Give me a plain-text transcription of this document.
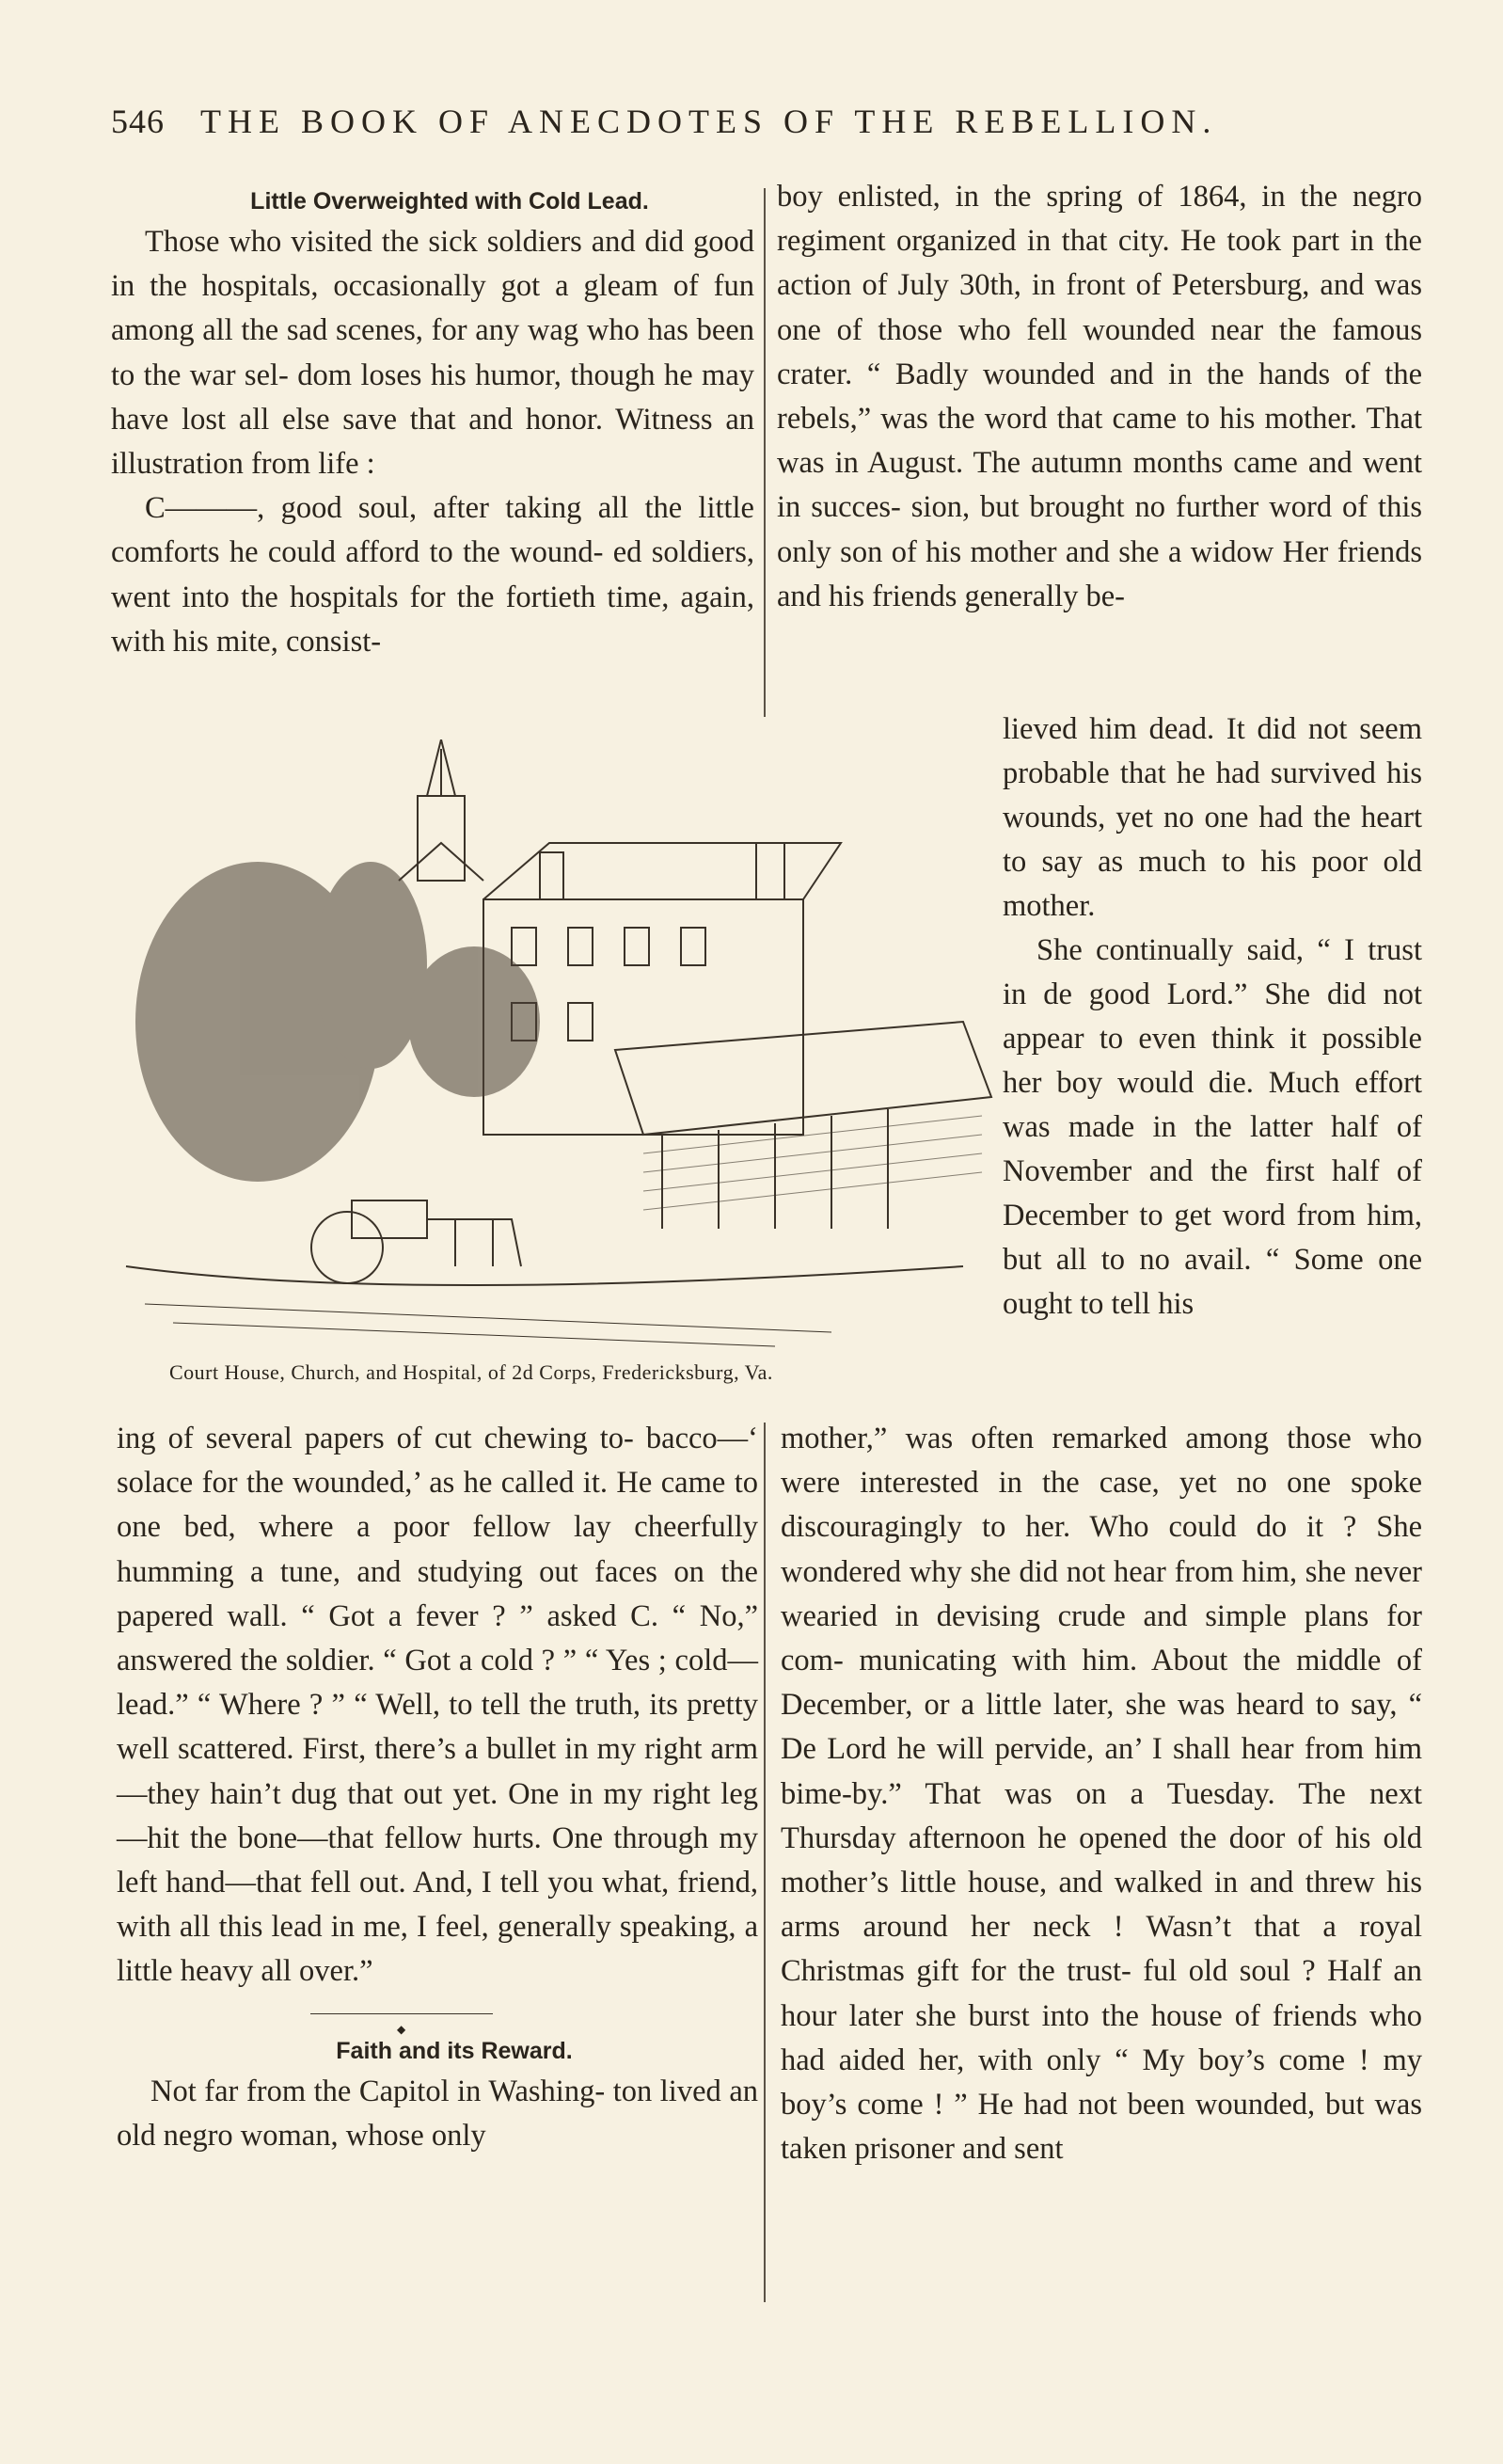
546 THE BOOK OF ANECDOTES OF THE REBELLION.

Little Overweighted with Cold Lead.

Those who visited the sick soldiers and did good in the hospitals, occasionally got a gleam of fun among all the sad scenes, for any wag who has been to the war sel- dom loses his humor, though he may have lost all else save that and honor. Witness an illustration from life :

C———, good soul, after taking all the little comforts he could afford to the wound- ed soldiers, went into the hospitals for the fortieth time, again, with his mite, consist-

boy enlisted, in the spring of 1864, in the negro regiment organized in that city. He took part in the action of July 30th, in front of Petersburg, and was one of those who fell wounded near the famous crater. “ Badly wounded and in the hands of the rebels,” was the word that came to his mother. That was in August. The autumn months came and went in succes- sion, but brought no further word of this only son of his mother and she a widow Her friends and his friends generally be-

lieved him dead. It did not seem probable that he had survived his wounds, yet no one had the heart to say as much to his poor old mother.

She continually said, “ I trust in de good Lord.” She did not appear to even think it possible her boy would die. Much effort was made in the latter half of November and the first half of December to get word from him, but all to no avail. “ Some one ought to tell his

Court House, Church, and Hospital, of 2d Corps, Fredericksburg, Va.

ing of several papers of cut chewing to- bacco—‘ solace for the wounded,’ as he called it. He came to one bed, where a poor fellow lay cheerfully humming a tune, and studying out faces on the papered wall. “ Got a fever ? ” asked C. “ No,” answered the soldier. “ Got a cold ? ” “ Yes ; cold—lead.” “ Where ? ” “ Well, to tell the truth, its pretty well scattered. First, there’s a bullet in my right arm —they hain’t dug that out yet. One in my right leg—hit the bone—that fellow hurts. One through my left hand—that fell out. And, I tell you what, friend, with all this lead in me, I feel, generally speaking, a little heavy all over.”

◆

Faith and its Reward.

Not far from the Capitol in Washing- ton lived an old negro woman, whose only

mother,” was often remarked among those who were interested in the case, yet no one spoke discouragingly to her. Who could do it ? She wondered why she did not hear from him, she never wearied in devising crude and simple plans for com- municating with him. About the middle of December, or a little later, she was heard to say, “ De Lord he will pervide, an’ I shall hear from him bime-by.” That was on a Tuesday. The next Thursday afternoon he opened the door of his old mother’s little house, and walked in and threw his arms around her neck ! Wasn’t that a royal Christmas gift for the trust- ful old soul ? Half an hour later she burst into the house of friends who had aided her, with only “ My boy’s come ! my boy’s come ! ” He had not been wounded, but was taken prisoner and sent
